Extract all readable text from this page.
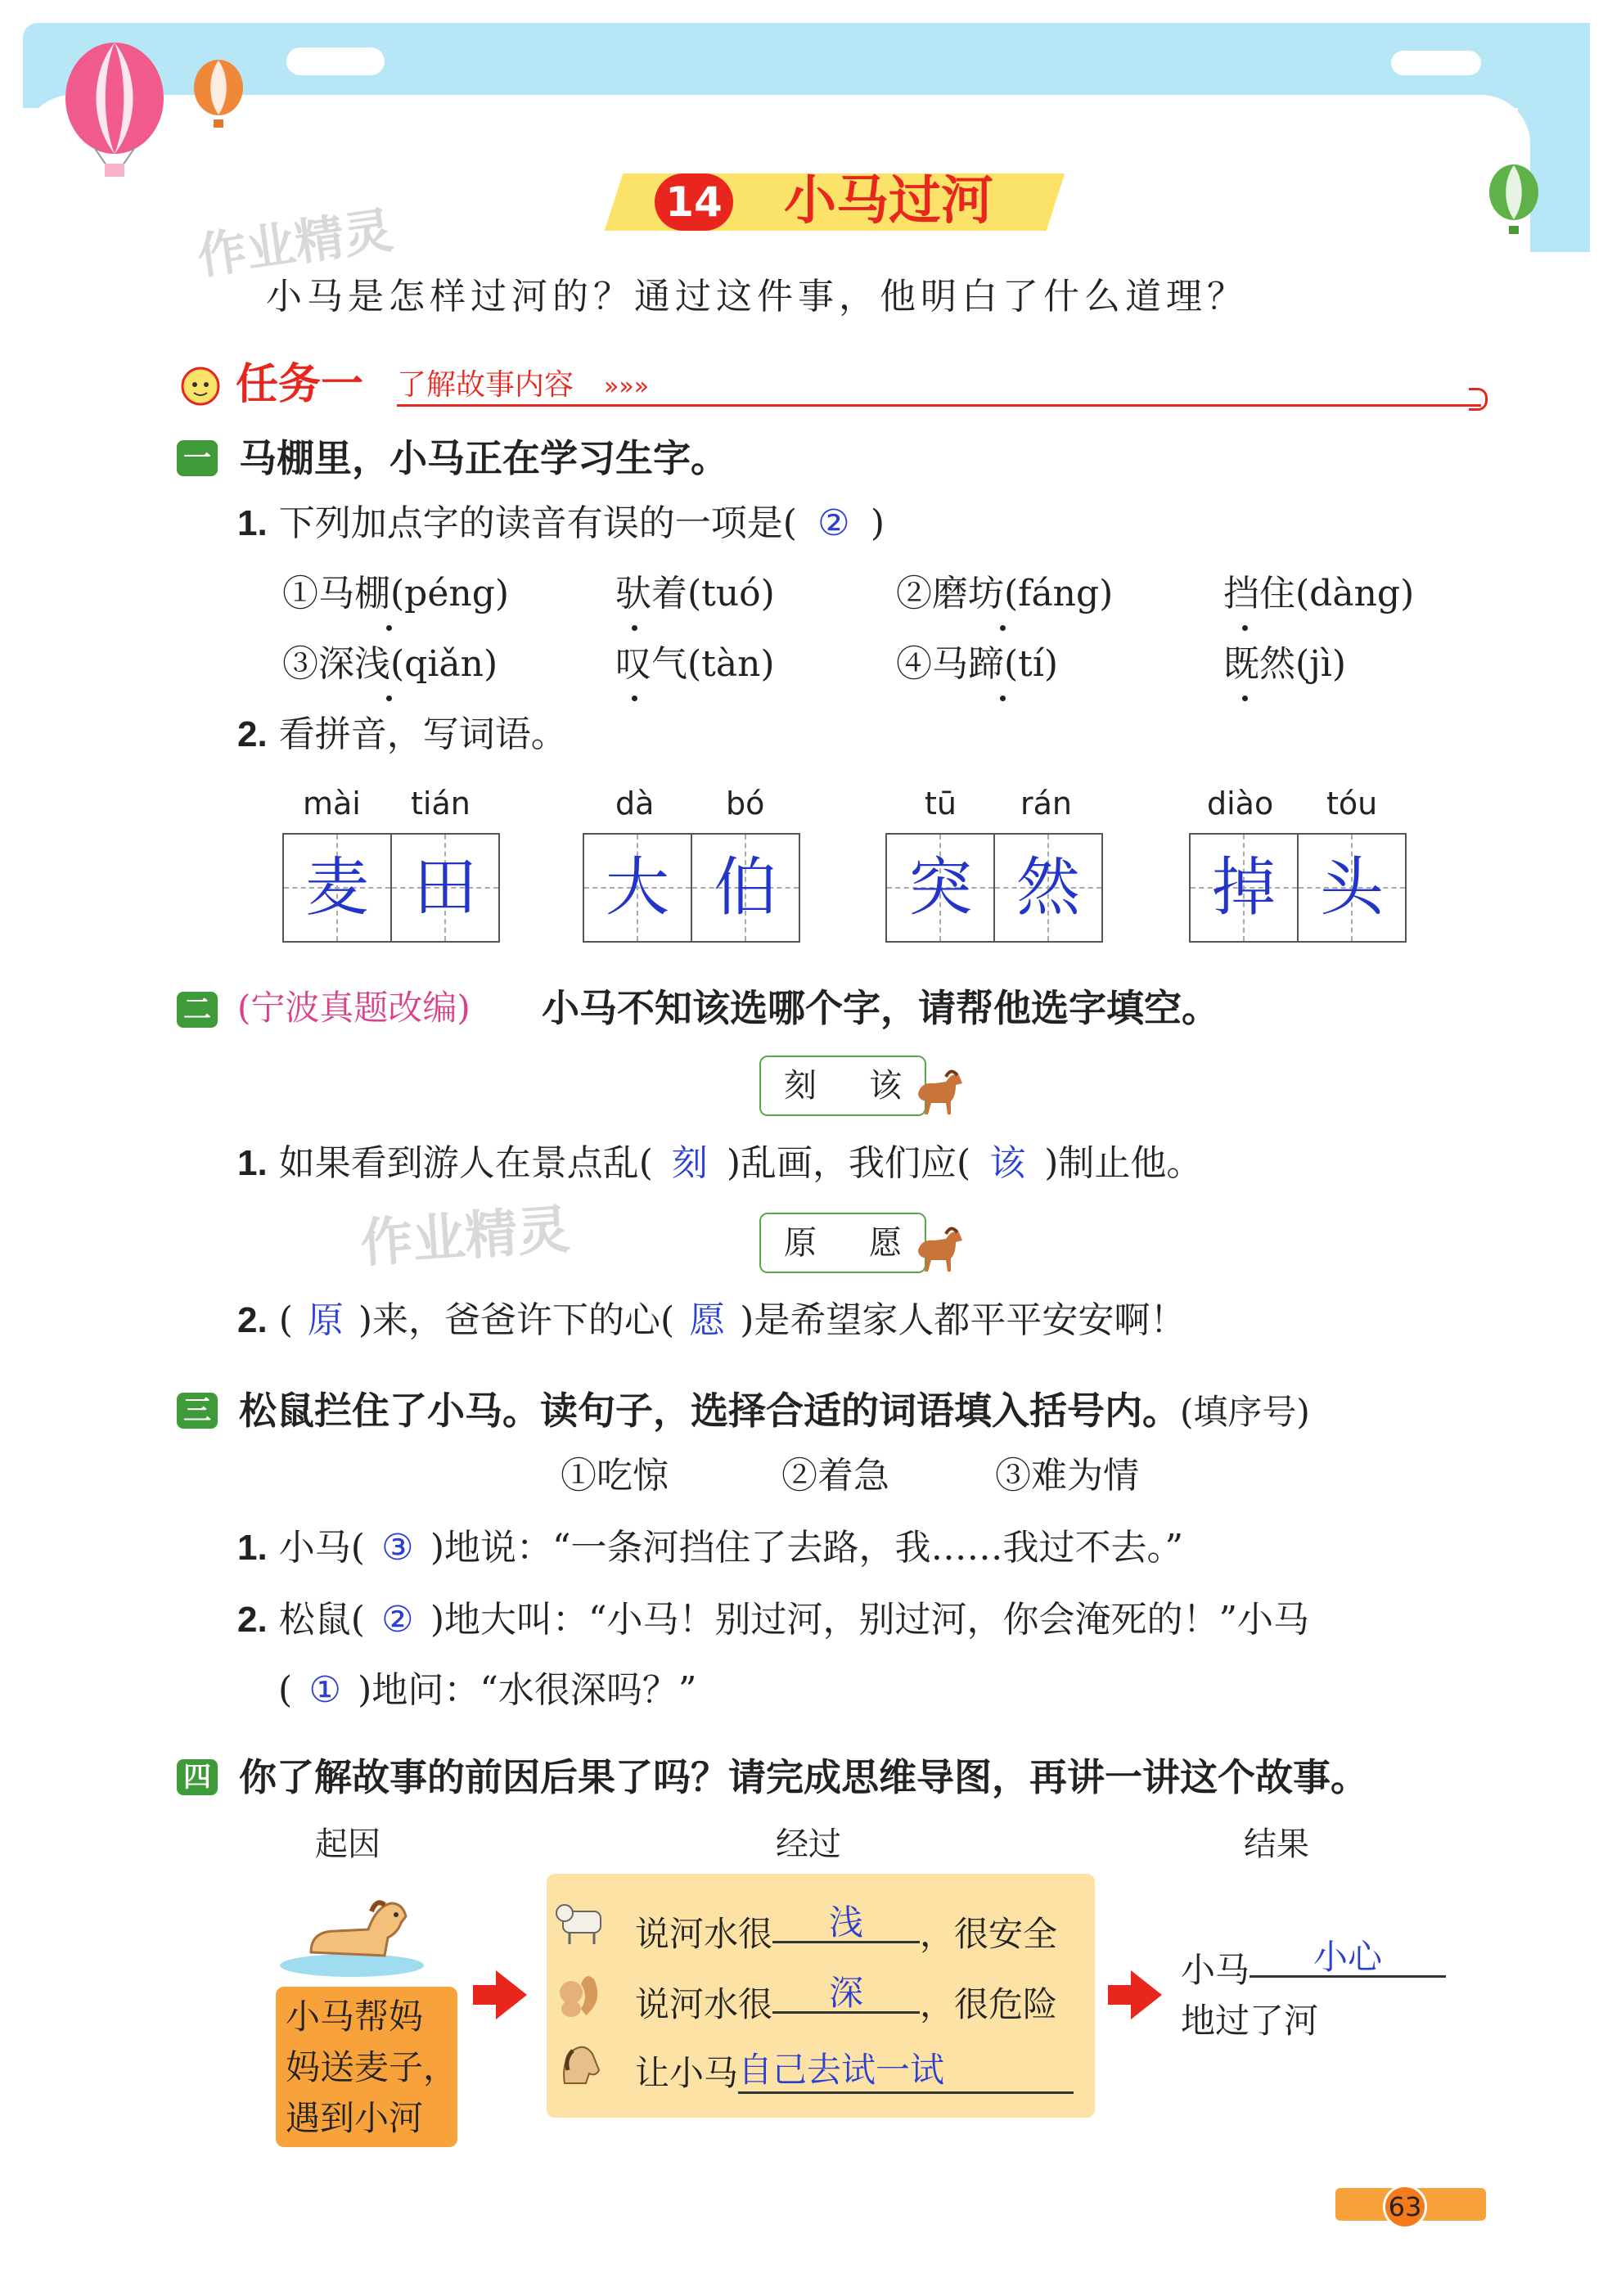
作业精灵
作业精灵
14 小马过河
小马是怎样过河的？通过这件事，他明白了什么道理？
任务一 了解故事内容 »»»
一 马棚里，小马正在学习生字。
1. 下列加点字的读音有误的一项是( ② )
①马棚(péng)	驮着(tuó)	②磨坊(fáng)	挡住(dàng)
③深浅(qiǎn)	叹气(tàn)	④马蹄(tí)	既然(jì)
2. 看拼音，写词语。
mài tián
麦 田
dà bó
大 伯
tū rán
突 然
diào tóu
掉 头
二 (宁波真题改编) 小马不知该选哪个字，请帮他选字填空。
刻 该
1. 如果看到游人在景点乱( 刻 )乱画，我们应( 该 )制止他。
原 愿
2. ( 原 )来，爸爸许下的心( 愿 )是希望家人都平平安安啊！
三 松鼠拦住了小马。读句子，选择合适的词语填入括号内。(填序号)
①吃惊	②着急	③难为情
1. 小马( ③ )地说：“一条河挡住了去路，我……我过不去。”
2. 松鼠( ② )地大叫：“小马！别过河，别过河，你会淹死的！”小马
( ① )地问：“水很深吗？”
四 你了解故事的前因后果了吗？请完成思维导图，再讲一讲这个故事。
起因	经过	结果
小马帮妈
妈送麦子，
遇到小河
说河水很 浅 ，很安全
说河水很 深 ，很危险
让小马自己去试一试
小马 小心
地过了河
63
